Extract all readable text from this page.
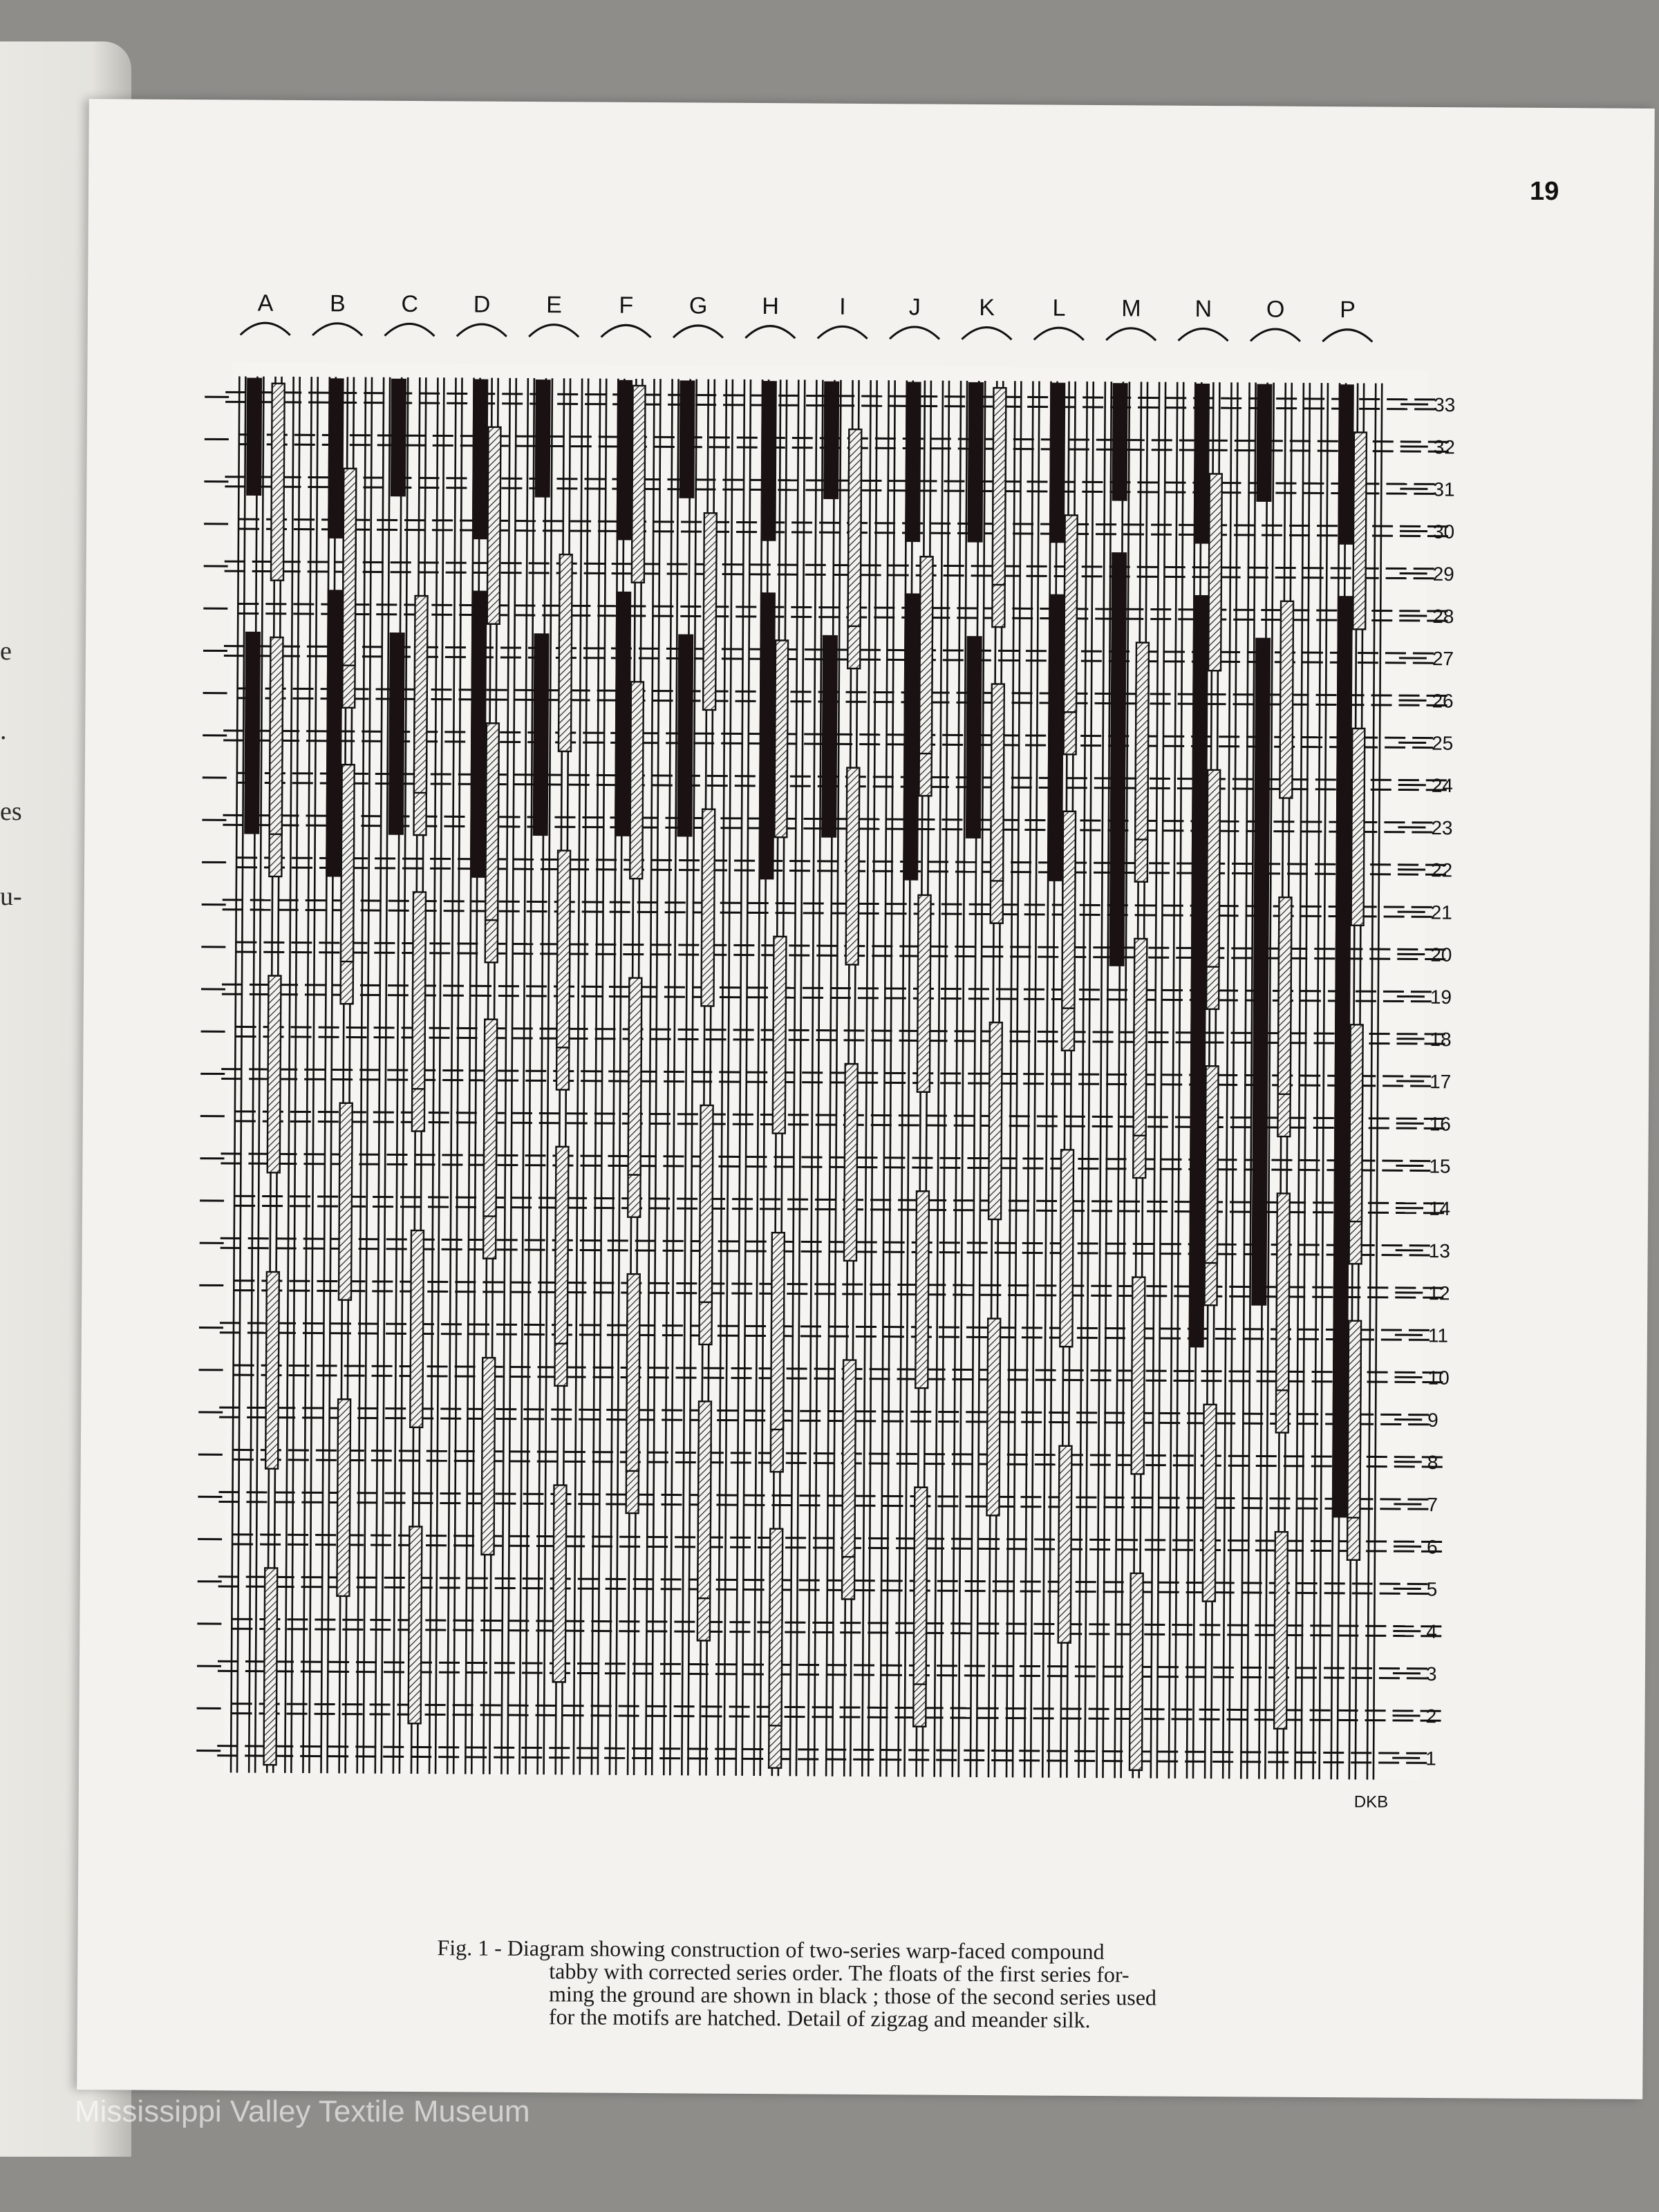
e
.
es
u-
19
A B C D E F G H	I	J K L M N O P
33
32
31
30
29
28
27
26
25
24
23
22
21
20
19
18
17
16
15
14
13
12
11
10
9
8
7
6
5
4
3
2
1
DKB
Fig. 1 - Diagram showing construction of two-series warp-faced compound
tabby with corrected series order. The floats of the first series for-
ming the ground are shown in black ; those of the second series used
for the motifs are hatched. Detail of zigzag and meander silk.
Mississippi Valley Textile Museum
